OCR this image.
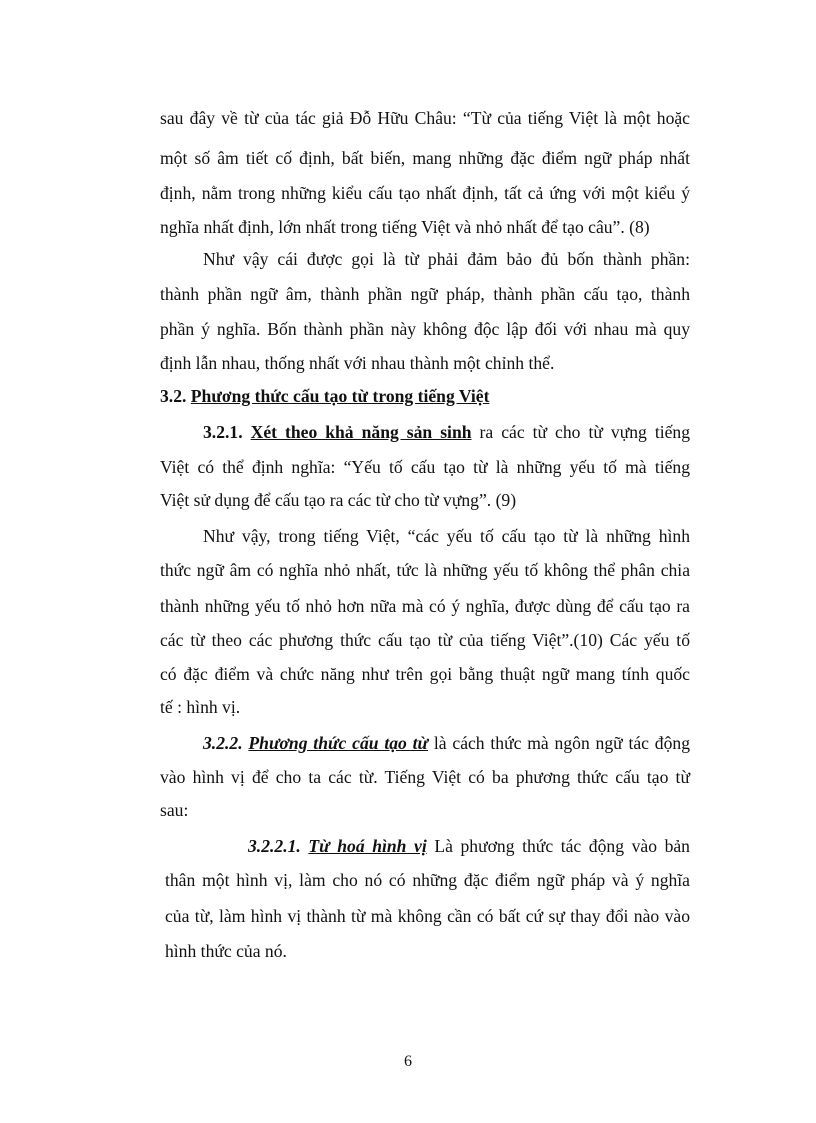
sau đây về từ của tác giả Đỗ Hữu Châu: “Từ của tiếng Việt là một hoặc
một số âm tiết cố định, bất biến, mang những đặc điểm ngữ pháp nhất
định, nằm trong những kiểu cấu tạo nhất định, tất cả ứng với một kiểu ý
nghĩa nhất định, lớn nhất trong tiếng Việt và nhỏ nhất để tạo câu”. (8)
Như vậy cái được gọi là từ phải đảm bảo đủ bốn thành phần:
thành phần ngữ âm, thành phần ngữ pháp, thành phần cấu tạo, thành
phần ý nghĩa. Bốn thành phần này không độc lập đối với nhau mà quy
định lẫn nhau, thống nhất với nhau thành một chỉnh thể.
3.2. Phương thức cấu tạo từ trong tiếng Việt
3.2.1. Xét theo khả năng sản sinh ra các từ cho từ vựng tiếng
Việt có thể định nghĩa: “Yếu tố cấu tạo từ là những yếu tố mà tiếng
Việt sử dụng để cấu tạo ra các từ cho từ vựng”. (9)
Như vậy, trong tiếng Việt, “các yếu tố cấu tạo từ là những hình
thức ngữ âm có nghĩa nhỏ nhất, tức là những yếu tố không thể phân chia
thành những yếu tố nhỏ hơn nữa mà có ý nghĩa, được dùng để cấu tạo ra
các từ theo các phương thức cấu tạo từ của tiếng Việt”.(10) Các yếu tố
có đặc điểm và chức năng như trên gọi bằng thuật ngữ mang tính quốc
tế : hình vị.
3.2.2. Phương thức cấu tạo từ là cách thức mà ngôn ngữ tác động
vào hình vị để cho ta các từ. Tiếng Việt có ba phương thức cấu tạo từ
sau:
3.2.2.1. Từ hoá hình vị Là phương thức tác động vào bản
thân một hình vị, làm cho nó có những đặc điểm ngữ pháp và ý nghĩa
của từ, làm hình vị thành từ mà không cần có bất cứ sự thay đổi nào vào
hình thức của nó.
6
